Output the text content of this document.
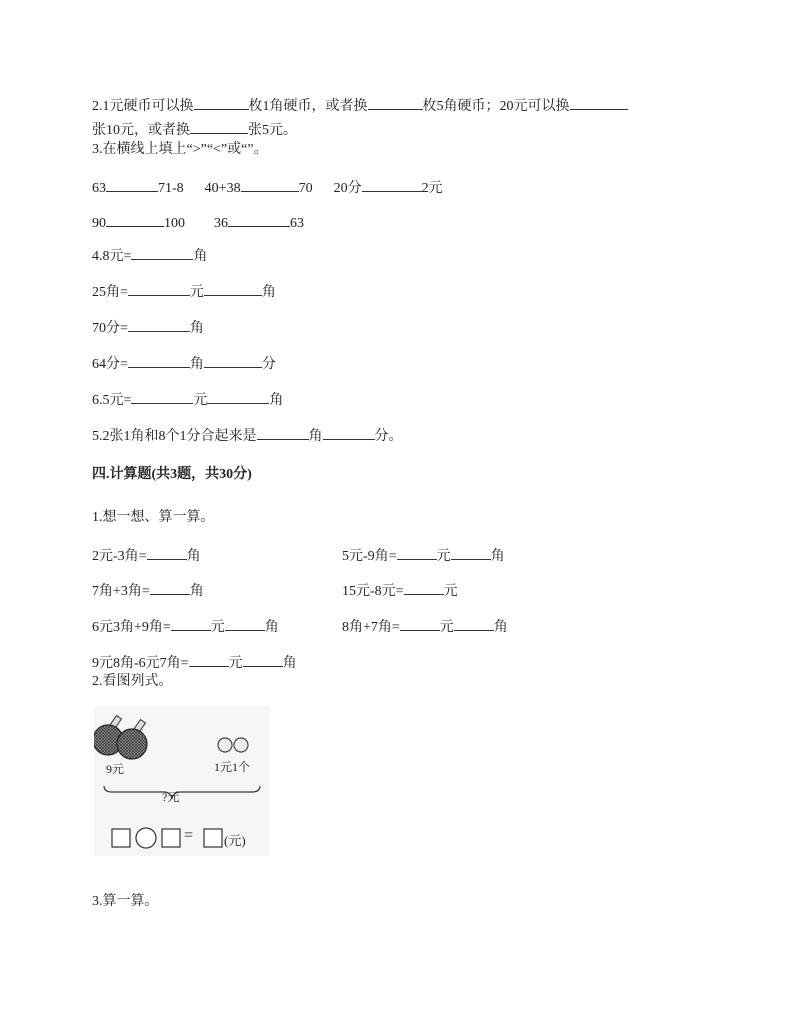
2.1元硬币可以换	枚1角硬币，或者换	枚5角硬币；20元可以换
张10元，或者换	张5元。
3.在横线上填上“>”“<”或“”。
63	71-8 40+38	70 20分	2元
90	100 36	63
4.8元=	角
25角=	元	角
70分=	角
64分=	角	分
6.5元=	元	角
5.2张1角和8个1分合起来是	角	分。
四.计算题(共3题，共30分)
1.想一想、算一算。
2元-3角=	角	5元-9角=	元	角
7角+3角=	角	15元-8元=	元
6元3角+9角=	元	角	8角+7角=	元	角
9元8角-6元7角=	元	角
2.看图列式。
9元	1元1个
?元
= (元)
3.算一算。
